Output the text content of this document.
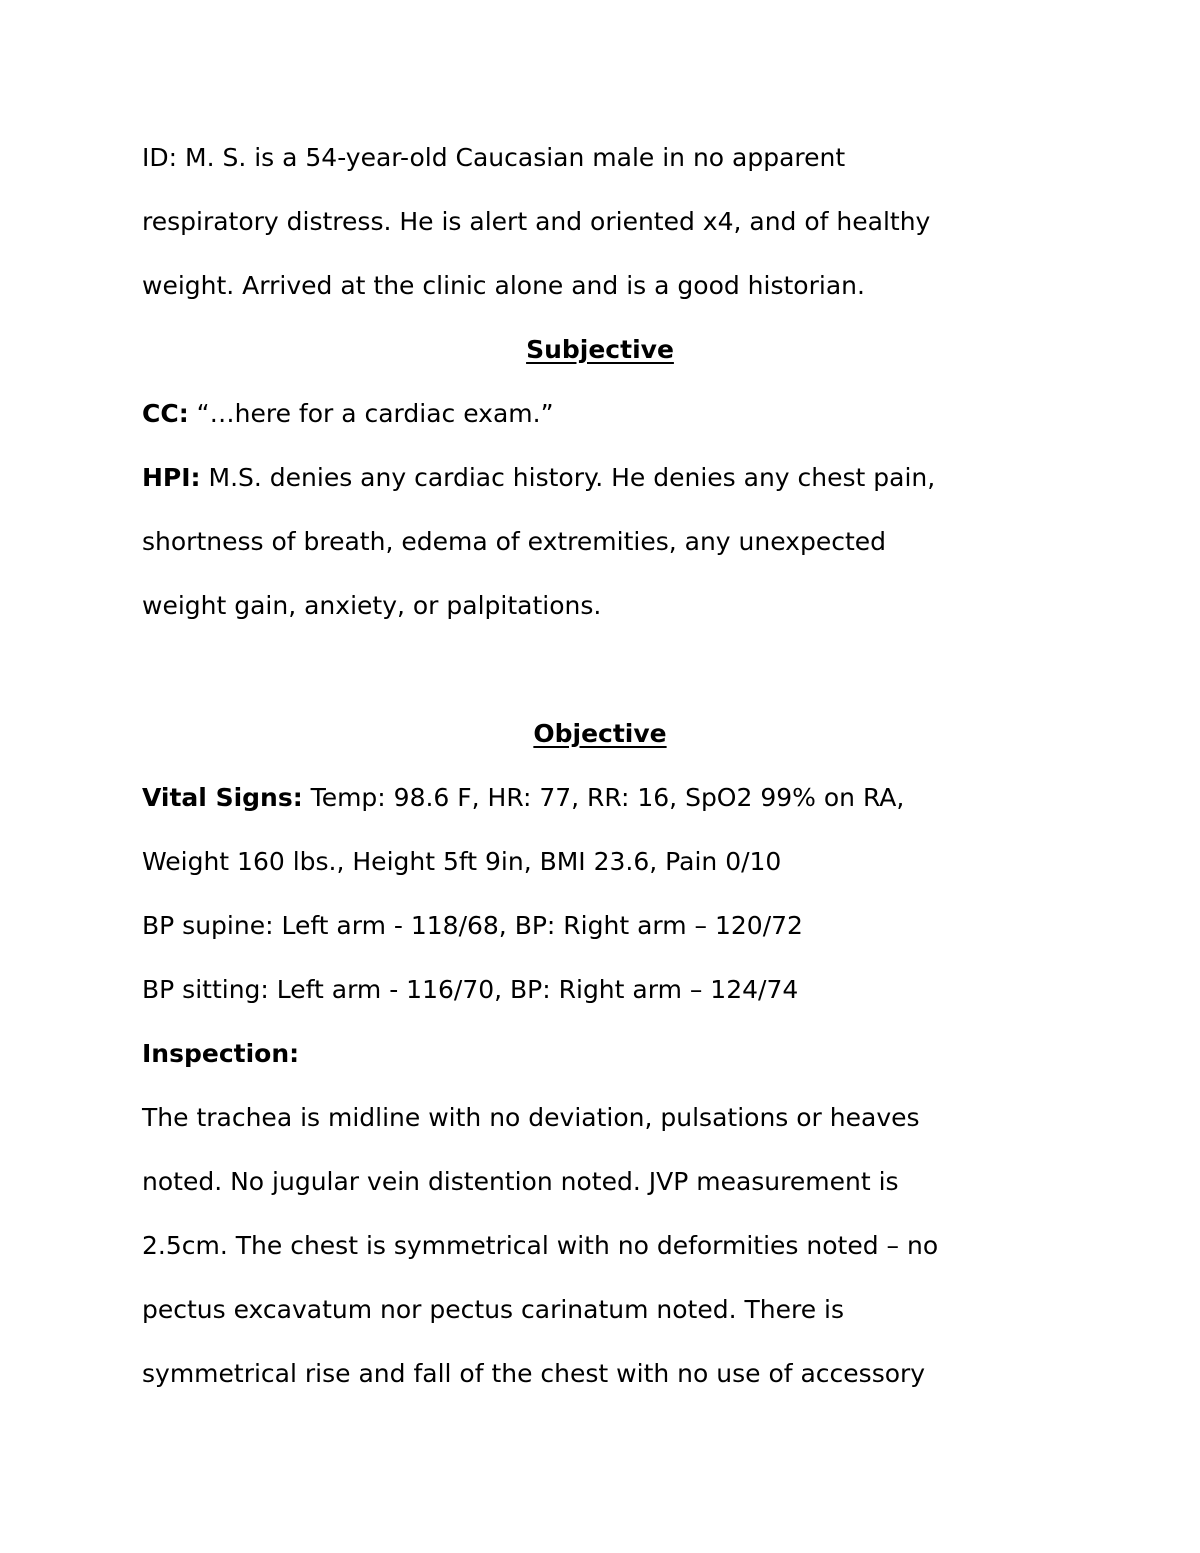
ID: M. S. is a 54-year-old Caucasian male in no apparent

respiratory distress. He is alert and oriented x4, and of healthy

weight. Arrived at the clinic alone and is a good historian.

Subjective

CC: “…here for a cardiac exam.”

HPI: M.S. denies any cardiac history. He denies any chest pain,

shortness of breath, edema of extremities, any unexpected

weight gain, anxiety, or palpitations.

Objective

Vital Signs: Temp: 98.6 F, HR: 77, RR: 16, SpO2 99% on RA,

Weight 160 lbs., Height 5ft 9in, BMI 23.6, Pain 0/10

BP supine: Left arm - 118/68, BP: Right arm – 120/72

BP sitting: Left arm - 116/70, BP: Right arm – 124/74

Inspection:

The trachea is midline with no deviation, pulsations or heaves

noted. No jugular vein distention noted. JVP measurement is

2.5cm. The chest is symmetrical with no deformities noted – no

pectus excavatum nor pectus carinatum noted. There is

symmetrical rise and fall of the chest with no use of accessory
